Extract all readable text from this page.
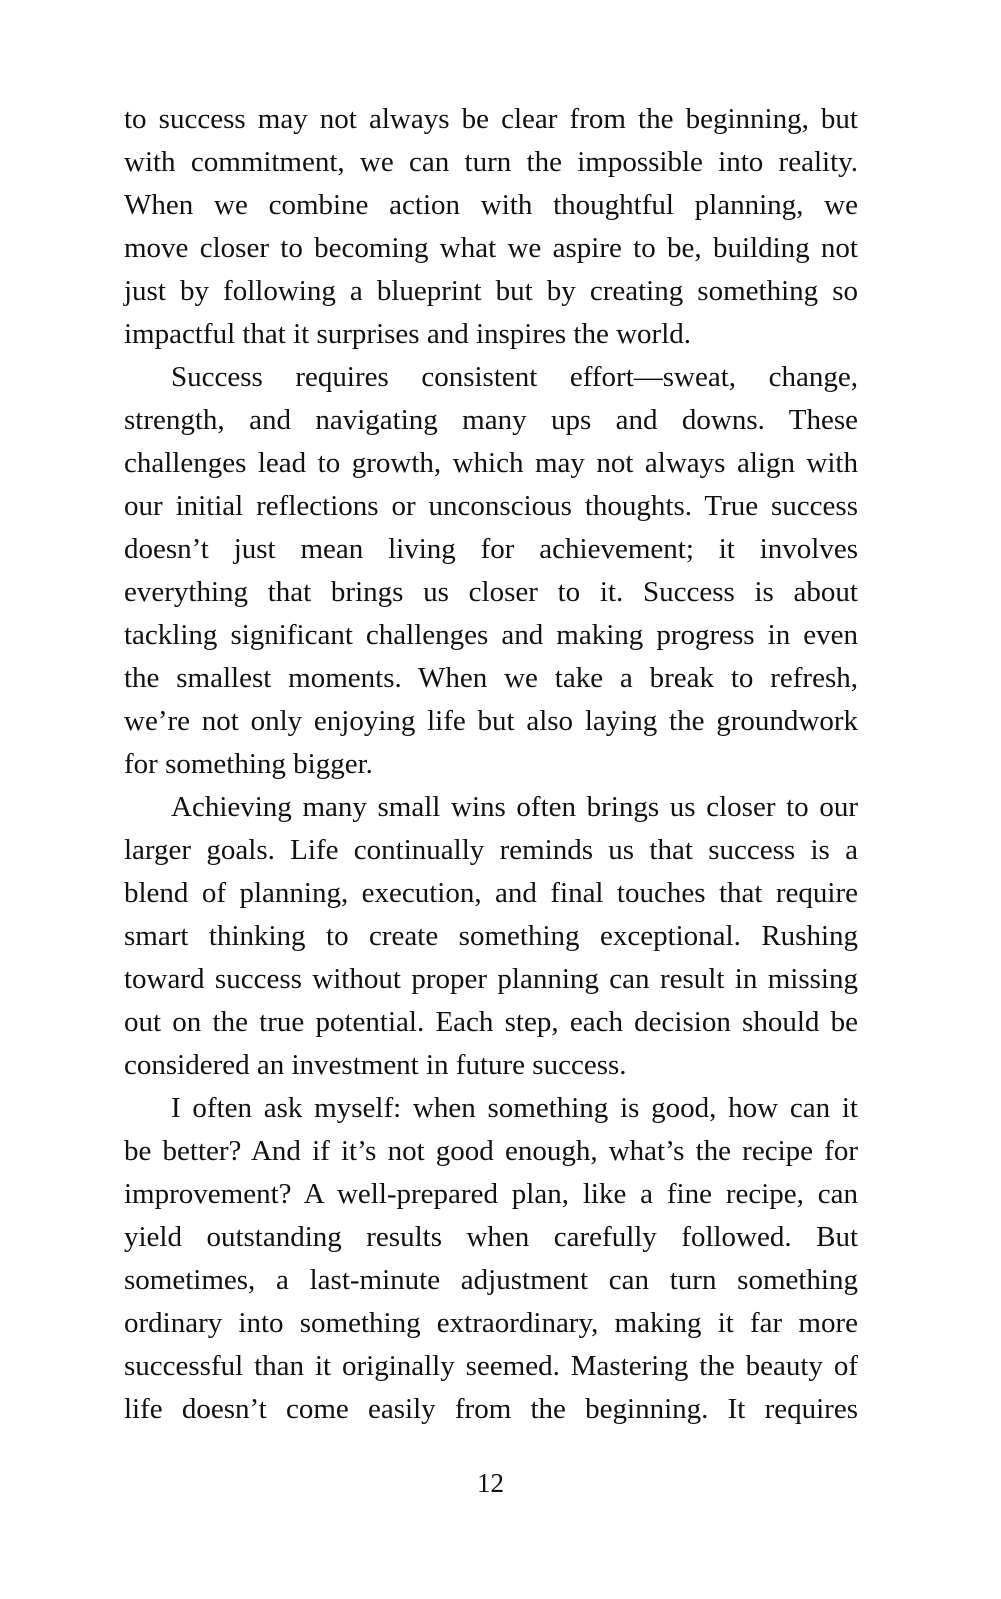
to success may not always be clear from the beginning, but
with commitment, we can turn the impossible into reality.
When we combine action with thoughtful planning, we
move closer to becoming what we aspire to be, building not
just by following a blueprint but by creating something so
impactful that it surprises and inspires the world.
Success requires consistent effort—sweat, change,
strength, and navigating many ups and downs. These
challenges lead to growth, which may not always align with
our initial reflections or unconscious thoughts. True success
doesn’t just mean living for achievement; it involves
everything that brings us closer to it. Success is about
tackling significant challenges and making progress in even
the smallest moments. When we take a break to refresh,
we’re not only enjoying life but also laying the groundwork
for something bigger.
Achieving many small wins often brings us closer to our
larger goals. Life continually reminds us that success is a
blend of planning, execution, and final touches that require
smart thinking to create something exceptional. Rushing
toward success without proper planning can result in missing
out on the true potential. Each step, each decision should be
considered an investment in future success.
I often ask myself: when something is good, how can it
be better? And if it’s not good enough, what’s the recipe for
improvement? A well-prepared plan, like a fine recipe, can
yield outstanding results when carefully followed. But
sometimes, a last-minute adjustment can turn something
ordinary into something extraordinary, making it far more
successful than it originally seemed. Mastering the beauty of
life doesn’t come easily from the beginning. It requires
12
